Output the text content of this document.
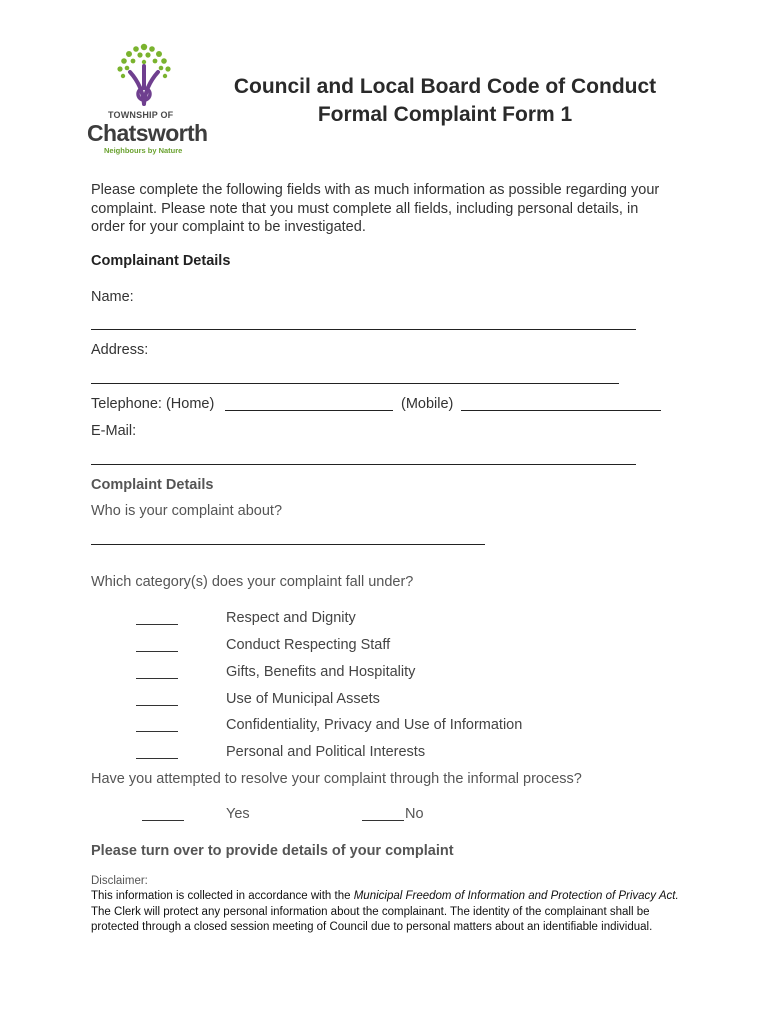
TOWNSHIP OF
Chatsworth
Neighbours by Nature
Council and Local Board Code of Conduct
Formal Complaint Form 1
Please complete the following fields with as much information as possible regarding your complaint. Please note that you must complete all fields, including personal details, in order for your complaint to be investigated.
Complainant Details
Name:
Address:
Telephone: (Home)	(Mobile)
E-Mail:
Complaint Details
Who is your complaint about?
Which category(s) does your complaint fall under?
Respect and Dignity
Conduct Respecting Staff
Gifts, Benefits and Hospitality
Use of Municipal Assets
Confidentiality, Privacy and Use of Information
Personal and Political Interests
Have you attempted to resolve your complaint through the informal process?
Yes	No
Please turn over to provide details of your complaint
Disclaimer:
This information is collected in accordance with the Municipal Freedom of Information and Protection of Privacy Act. The Clerk will protect any personal information about the complainant. The identity of the complainant shall be protected through a closed session meeting of Council due to personal matters about an identifiable individual.
